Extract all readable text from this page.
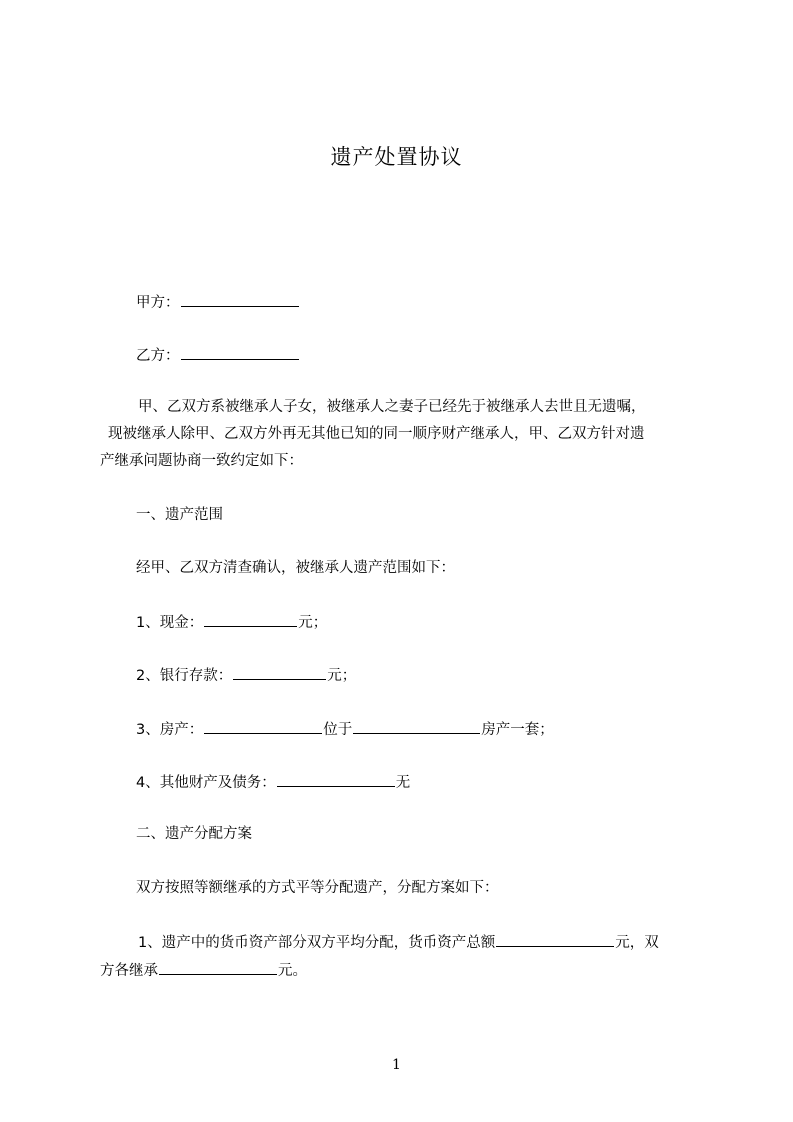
遗产处置协议
甲方：
乙方：
甲、乙双方系被继承人子女，被继承人之妻子已经先于被继承人去世且无遗嘱，
现被继承人除甲、乙双方外再无其他已知的同一顺序财产继承人，甲、乙双方针对遗
产继承问题协商一致约定如下：
一、遗产范围
经甲、乙双方清查确认，被继承人遗产范围如下：
1、现金：	元；
2、银行存款：	元；
3、房产：	位于	房产一套；
4、其他财产及债务：	无
二、遗产分配方案
双方按照等额继承的方式平等分配遗产，分配方案如下：
1、遗产中的货币资产部分双方平均分配，货币资产总额	元，双
方各继承	元。
1
